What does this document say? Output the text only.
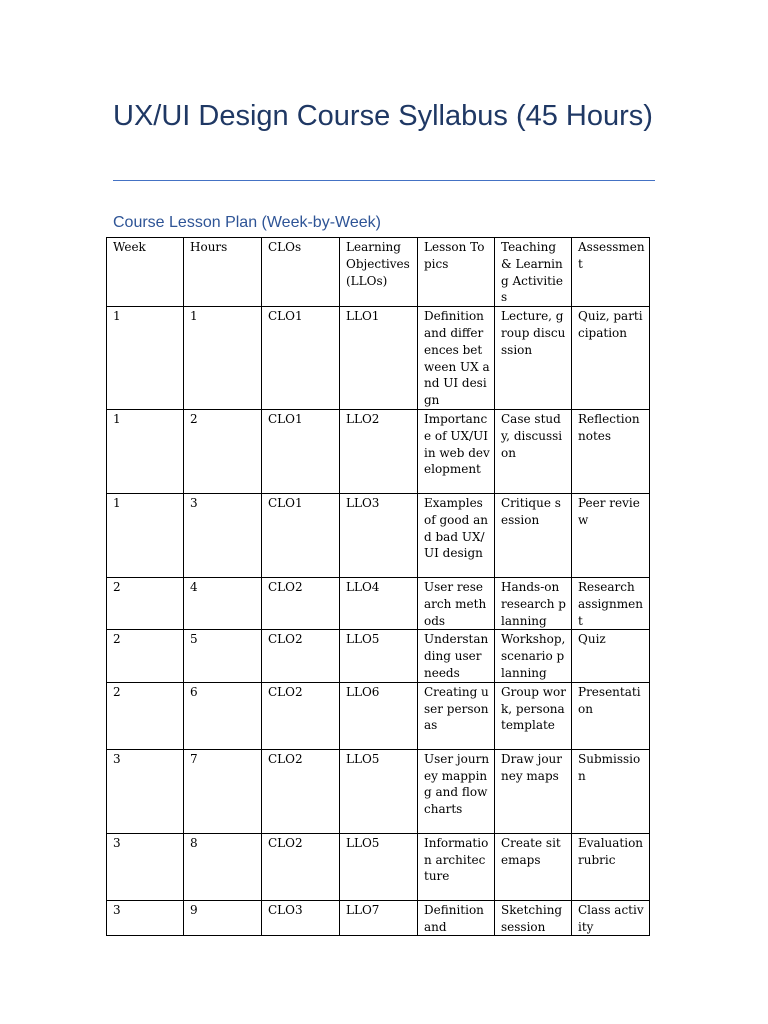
UX/UI Design Course Syllabus (45 Hours)
Course Lesson Plan (Week-by-Week)
Week	Hours	CLOs	Learning Objectives (LLOs)	Lesson Topics	Teaching & Learning Activities	Assessment

1	1	CLO1	LLO1	Definition and differences between UX and UI design	Lecture, group discussion	Quiz, participation
1	2	CLO1	LLO2	Importance of UX/UI in web development	Case study, discussion	Reflection notes
1	3	CLO1	LLO3	Examples of good and bad UX/UI design	Critique session	Peer review
2	4	CLO2	LLO4	User research methods	Hands-on research planning	Research assignment
2	5	CLO2	LLO5	Understanding user needs	Workshop, scenario planning	Quiz
2	6	CLO2	LLO6	Creating user personas	Group work, persona template	Presentation
3	7	CLO2	LLO5	User journey mapping and flowcharts	Draw journey maps	Submission
3	8	CLO2	LLO5	Information architecture	Create sitemaps	Evaluation rubric
3	9	CLO3	LLO7	Definition and	Sketching session	Class activity
